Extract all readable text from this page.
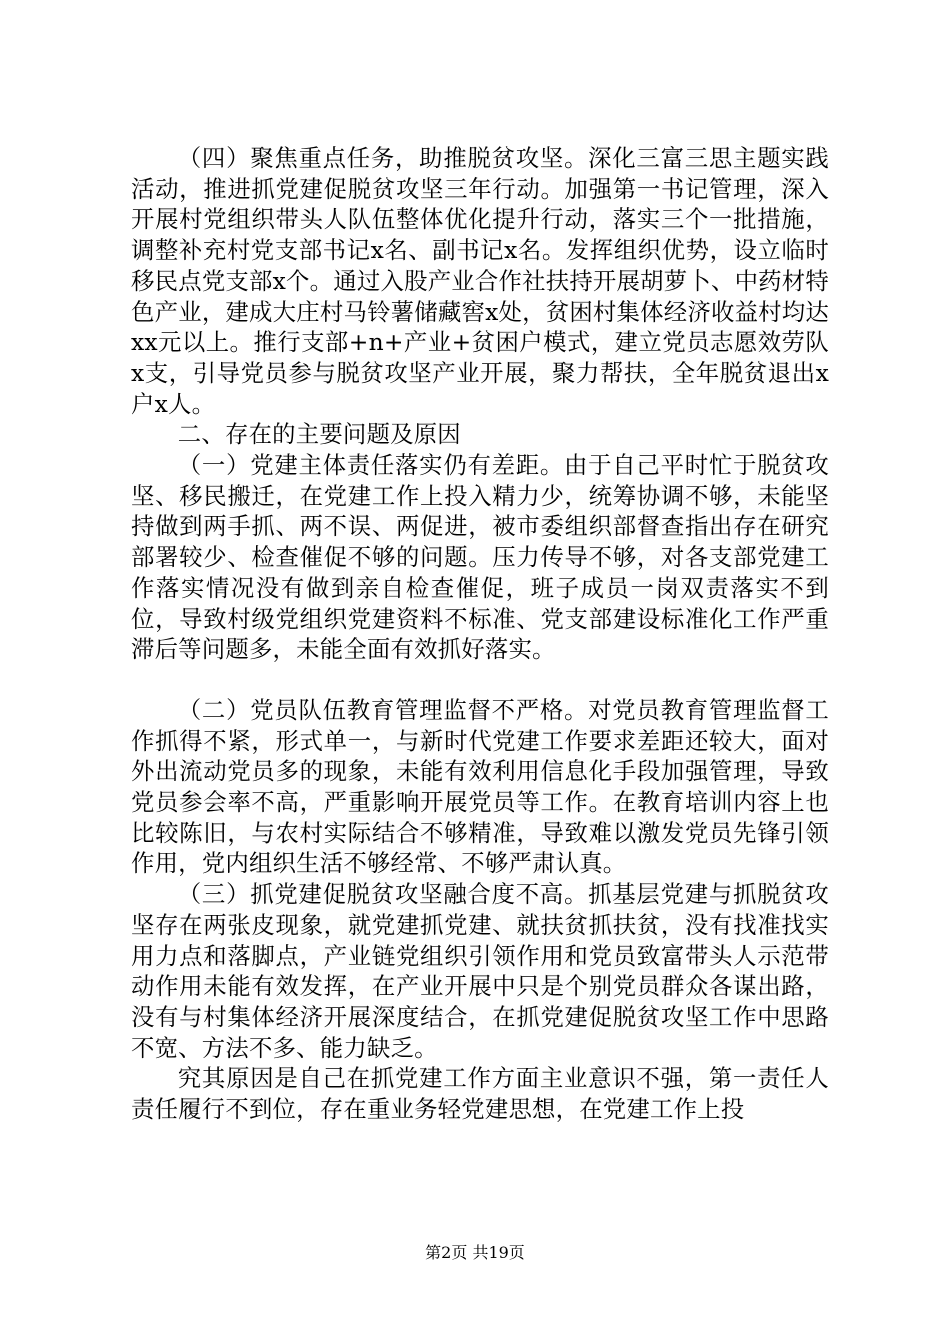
（四）聚焦重点任务，助推脱贫攻坚。深化三富三思主题实践活动，推进抓党建促脱贫攻坚三年行动。加强第一书记管理，深入开展村党组织带头人队伍整体优化提升行动，落实三个一批措施，调整补充村党支部书记x名、副书记x名。发挥组织优势，设立临时移民点党支部x个。通过入股产业合作社扶持开展胡萝卜、中药材特色产业，建成大庄村马铃薯储藏窖x处，贫困村集体经济收益村均达xx元以上。推行支部+n+产业+贫困户模式，建立党员志愿效劳队x支，引导党员参与脱贫攻坚产业开展，聚力帮扶，全年脱贫退出x户x人。

二、存在的主要问题及原因

（一）党建主体责任落实仍有差距。由于自己平时忙于脱贫攻坚、移民搬迁，在党建工作上投入精力少，统筹协调不够，未能坚持做到两手抓、两不误、两促进，被市委组织部督查指出存在研究部署较少、检查催促不够的问题。压力传导不够，对各支部党建工作落实情况没有做到亲自检查催促，班子成员一岗双责落实不到位，导致村级党组织党建资料不标准、党支部建设标准化工作严重滞后等问题多，未能全面有效抓好落实。

（二）党员队伍教育管理监督不严格。对党员教育管理监督工作抓得不紧，形式单一，与新时代党建工作要求差距还较大，面对外出流动党员多的现象，未能有效利用信息化手段加强管理，导致党员参会率不高，严重影响开展党员等工作。在教育培训内容上也比较陈旧，与农村实际结合不够精准，导致难以激发党员先锋引领作用，党内组织生活不够经常、不够严肃认真。

（三）抓党建促脱贫攻坚融合度不高。抓基层党建与抓脱贫攻坚存在两张皮现象，就党建抓党建、就扶贫抓扶贫，没有找准找实用力点和落脚点，产业链党组织引领作用和党员致富带头人示范带动作用未能有效发挥，在产业开展中只是个别党员群众各谋出路，没有与村集体经济开展深度结合，在抓党建促脱贫攻坚工作中思路不宽、方法不多、能力缺乏。

究其原因是自己在抓党建工作方面主业意识不强，第一责任人责任履行不到位，存在重业务轻党建思想，在党建工作上投

第2页 共19页
